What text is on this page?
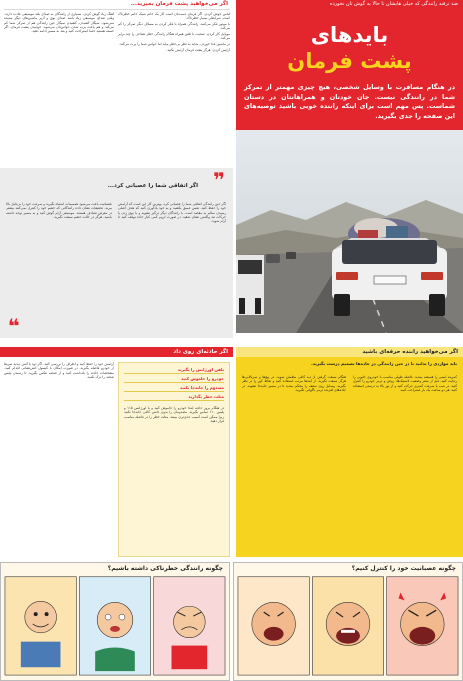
ضد ترفند رانندگی که خیلی هایشان تا حالا به گوش تان نخورده
بایدهای
پشت فرمان
در هنگام مسافرت با وسایل شخصی، هیچ چیزی مهمتر از تمرکز شما در رانندگی نیست. جان خودتان و همراهانتان در دستان شماست. پس مهم است برای اینکه راننده خوبی باشید توصیه‌های این صفحه را جدی بگیرید.
اگر می‌خواهید پشت فرمان بمیرید...

لباس جوش کردن. اگر فرمان دست‌تان است کار یک خانم شیک خانم خطرناک است. شرایطی بسیار خطرناک.

با موتور فکر می‌کنید. رانندگی همراه با فکر کردن به مسائل دیگر تمرکز را کم می‌کند.

موبایل کار کردن. صحبت با تلفن همراه هنگام رانندگی خطر تصادف را چند برابر می‌کند.

در ماشین غذا خوردن. شاید به نظر بی‌خطر بیاید اما حواس شما را پرت می‌کند.

آرایش کردن. هرگز پشت فرمان آرایش نکنید.

آهنگ زیاد گوش کردن. بسیاری از رانندگان به صدای بلند موسیقی عادت دارند. وقتی صدای موسیقی زیاد باشد صدای بوق و آژیر ماشین‌های دیگر شنیده نمی‌شود. سیگار کشیدن. کشیدن سیگار حین رانندگی هم از تمرکز شما کم می‌کند و هم باعث پرت شدن حواس‌تان می‌شود. خوابیدن پشت فرمان. اگر خسته هستید حتما استراحت کنید و بعد به مسیر ادامه دهید.

❞
اگر اتفاقی شما را عصبانی کرد...

اگر حین رانندگی اتفاقی شما را عصبانی کرد، بهترین کار این است که آرامش خود را حفظ کنید. نفس عمیق بکشید و به خود یادآوری کنید که هدف اصلی رسیدن سالم به مقصد است. با رانندگان دیگر درگیر نشوید و با بوق زدن یا حرکات تند واکنش نشان ندهید. در صورت لزوم کمی کنار جاده توقف کنید تا آرام شوید.

عصبانیت باعث می‌شود تصمیمات اشتباه بگیرید و سرعت خود را بی‌دلیل بالا ببرید. تحقیقات نشان داده رانندگانی که خشم خود را کنترل نمی‌کنند بیشتر در معرض تصادف هستند. موسیقی آرام گوش کنید و به مسیر توجه داشته باشید. هرگز در حالت خشم سبقت نگیرید.

❝
اگر حادثه‌ای روی داد
تلفن اورژانس را بگیرید
خودرو را خاموش کنید
مصدوم را جابه‌جا نکنید
مثلث خطر بگذارید

در هنگام بروز حادثه ابتدا خودرو را خاموش کنید و با اورژانس ۱۱۵ و پلیس ۱۱۰ تماس بگیرید. مصدومان را بدون دانش کافی جابه‌جا نکنید زیرا ممکن است آسیب جدی‌تری ببینند. مثلث خطر را در فاصله مناسب قرار دهید.

آرامش خود را حفظ کنید و اطراف را بررسی کنید. اگر دود یا آتش دیدید سریعا از خودرو فاصله بگیرید. در صورت امکان با کپسول آتش‌نشانی اقدام کنید. مشخصات حادثه را یادداشت کنید و از صحنه عکس بگیرید. تا رسیدن پلیس صحنه را ترک نکنید.

اگر می‌خواهید راننده حرفه‌ای باشید
باید مواردی را بدانید تا در حین رانندگی در جاده‌ها تصمیم درست بگیرید.

کمربند ایمنی را همیشه ببندید. فاصله طولی مناسب با خودروی جلویی را رعایت کنید. قبل از سفر وضعیت لاستیک‌ها، روغن و ترمز خودرو را کنترل کنید. در شب با سرعت کمتری حرکت کنید و از نور بالا به درستی استفاده کنید. هر دو ساعت یک بار استراحت کنید.

هنگام سبقت گرفتن از دید کافی مطمئن شوید. در پیچ‌ها و سربالایی‌ها هرگز سبقت نگیرید. از آینه‌ها مرتب استفاده کنید و نقاط کور را در نظر بگیرید. وسایل روی سقف را محکم ببندید تا در مسیر جابه‌جا نشوند. در جاده‌های لغزنده ترمز ناگهانی نگیرید.

چگونه رانندگی خطرناکی داشته باشیم؟	چگونه عصبانیت خود را کنترل کنیم؟
